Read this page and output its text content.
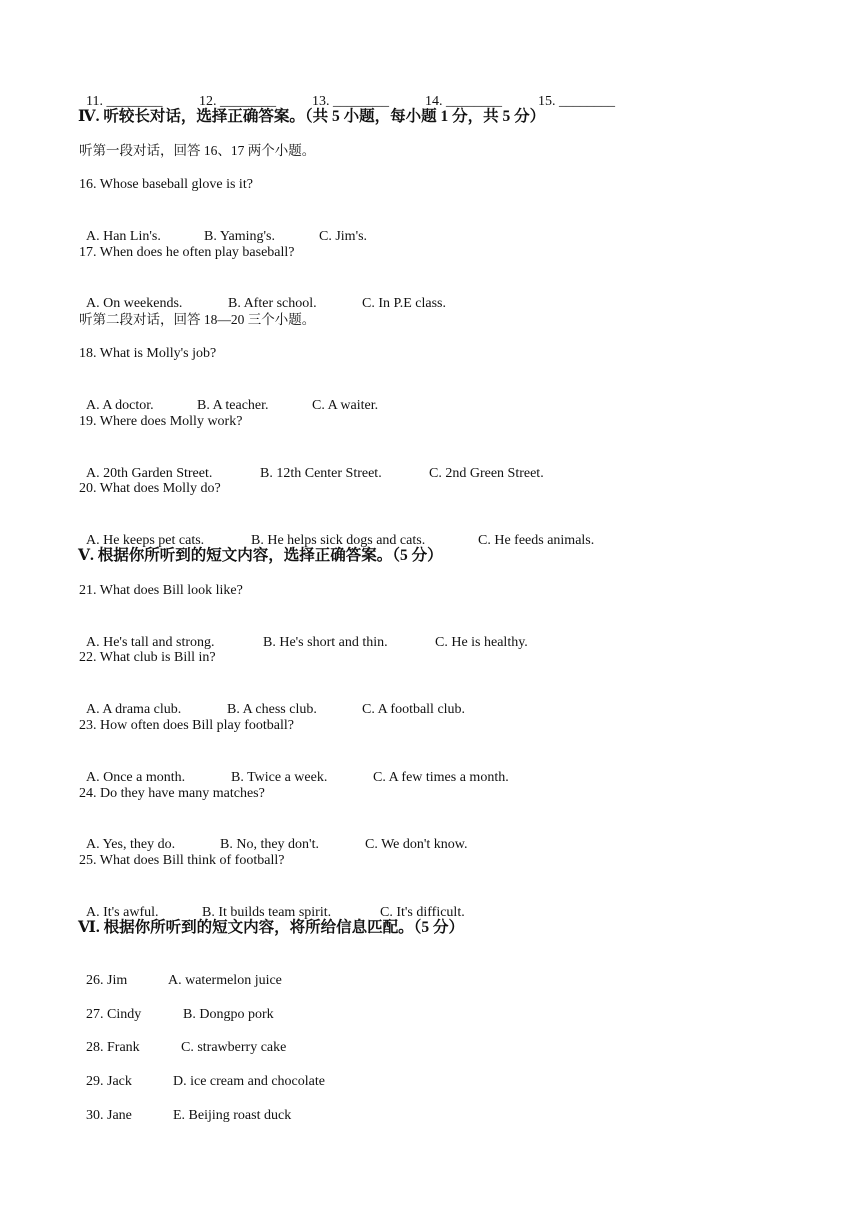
11. ________	12. ________	13. ________	14. ________	15. ________

Ⅳ. 听较长对话，选择正确答案。（共 5 小题，每小题 1 分，共 5 分）
听第一段对话，回答 16、17 两个小题。
16. Whose baseball glove is it?

A. Han Lin's.	B. Yaming's.	C. Jim's.

17. When does he often play baseball?

A. On weekends.	B. After school.	C. In P.E class.

听第二段对话，回答 18—20 三个小题。
18. What is Molly's job?

A. A doctor.	B. A teacher.	C. A waiter.

19. Where does Molly work?

A. 20th Garden Street.	B. 12th Center Street.	C. 2nd Green Street.

20. What does Molly do?

A. He keeps pet cats.	B. He helps sick dogs and cats.	C. He feeds animals.

Ⅴ. 根据你所听到的短文内容，选择正确答案。（5 分）
21. What does Bill look like?

A. He's tall and strong.	B. He's short and thin.	C. He is healthy.

22. What club is Bill in?

A. A drama club.	B. A chess club.	C. A football club.

23. How often does Bill play football?

A. Once a month.	B. Twice a week.	C. A few times a month.

24. Do they have many matches?

A. Yes, they do.	B. No, they don't.	C. We don't know.

25. What does Bill think of football?

A. It's awful.	B. It builds team spirit.	C. It's difficult.

Ⅵ. 根据你所听到的短文内容，将所给信息匹配。（5 分）

26. Jim	A. watermelon juice

27. Cindy	B. Dongpo pork

28. Frank	C. strawberry cake

29. Jack	D. ice cream and chocolate

30. Jane	E. Beijing roast duck
